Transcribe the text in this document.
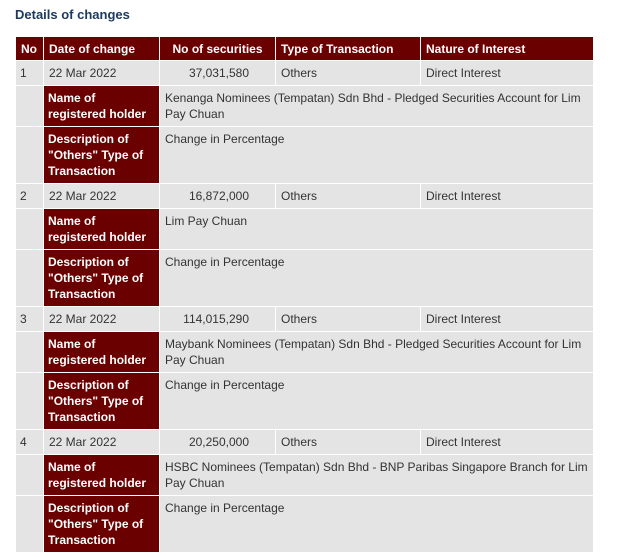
Details of changes
No	Date of change	No of securities	Type of Transaction	Nature of Interest
1	22 Mar 2022	37,031,580	Others	Direct Interest
	Name of registered holder	Kenanga Nominees (Tempatan) Sdn Bhd - Pledged Securities Account for Lim Pay Chuan		
	Description of "Others" Type of Transaction	Change in Percentage		
2	22 Mar 2022	16,872,000	Others	Direct Interest
	Name of registered holder	Lim Pay Chuan		
	Description of "Others" Type of Transaction	Change in Percentage		
3	22 Mar 2022	114,015,290	Others	Direct Interest
	Name of registered holder	Maybank Nominees (Tempatan) Sdn Bhd - Pledged Securities Account for Lim Pay Chuan		
	Description of "Others" Type of Transaction	Change in Percentage		
4	22 Mar 2022	20,250,000	Others	Direct Interest
	Name of registered holder	HSBC Nominees (Tempatan) Sdn Bhd - BNP Paribas Singapore Branch for Lim Pay Chuan		
	Description of "Others" Type of Transaction	Change in Percentage		
